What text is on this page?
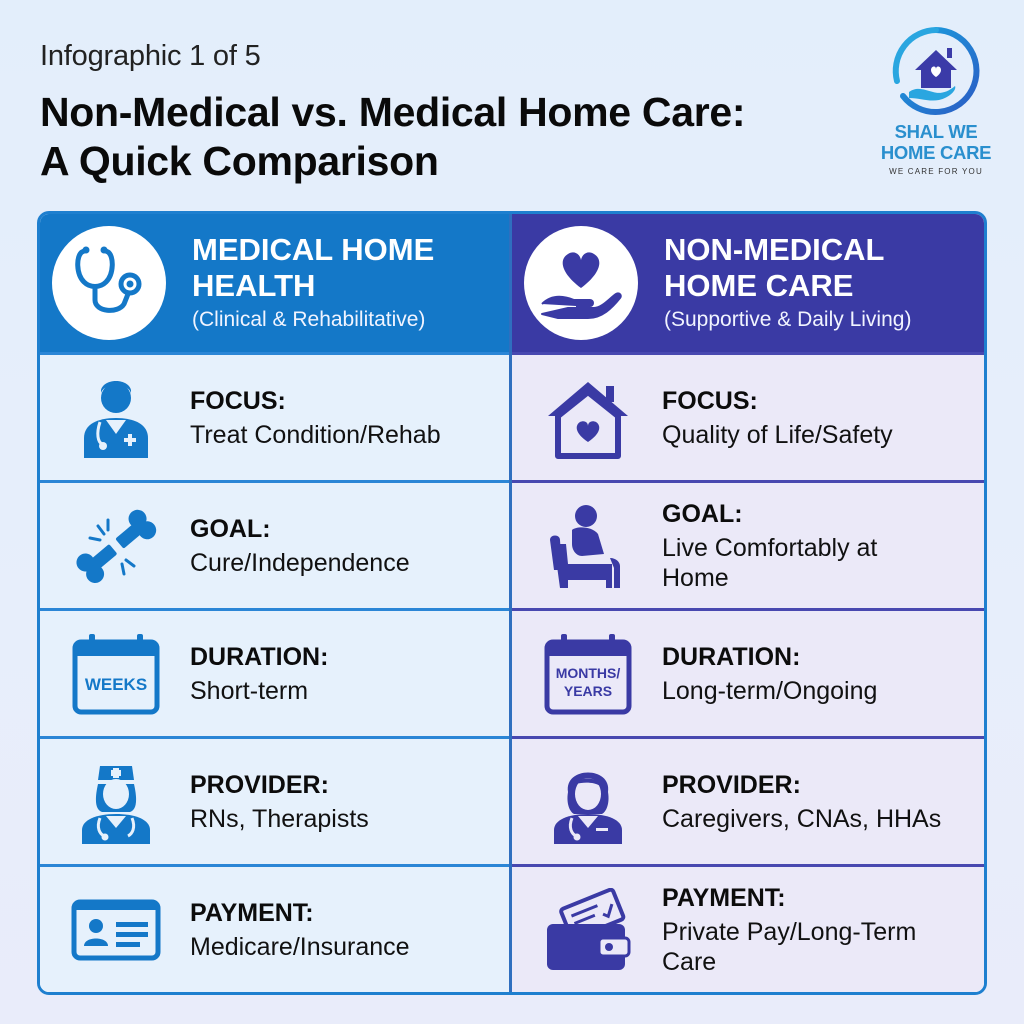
Infographic 1 of 5
Non-Medical vs. Medical Home Care:
A Quick Comparison
SHAL WE
HOME CARE
WE CARE FOR YOU
MEDICAL HOME
HEALTH
(Clinical & Rehabilitative)
FOCUS:
Treat Condition/Rehab
GOAL:
Cure/Independence
WEEKS
DURATION:
Short-term
PROVIDER:
RNs, Therapists
PAYMENT:
Medicare/Insurance
NON-MEDICAL
HOME CARE
(Supportive & Daily Living)
FOCUS:
Quality of Life/Safety
GOAL:
Live Comfortably at
Home
MONTHS/
YEARS
DURATION:
Long-term/Ongoing
PROVIDER:
Caregivers, CNAs, HHAs
PAYMENT:
Private Pay/Long-Term
Care
